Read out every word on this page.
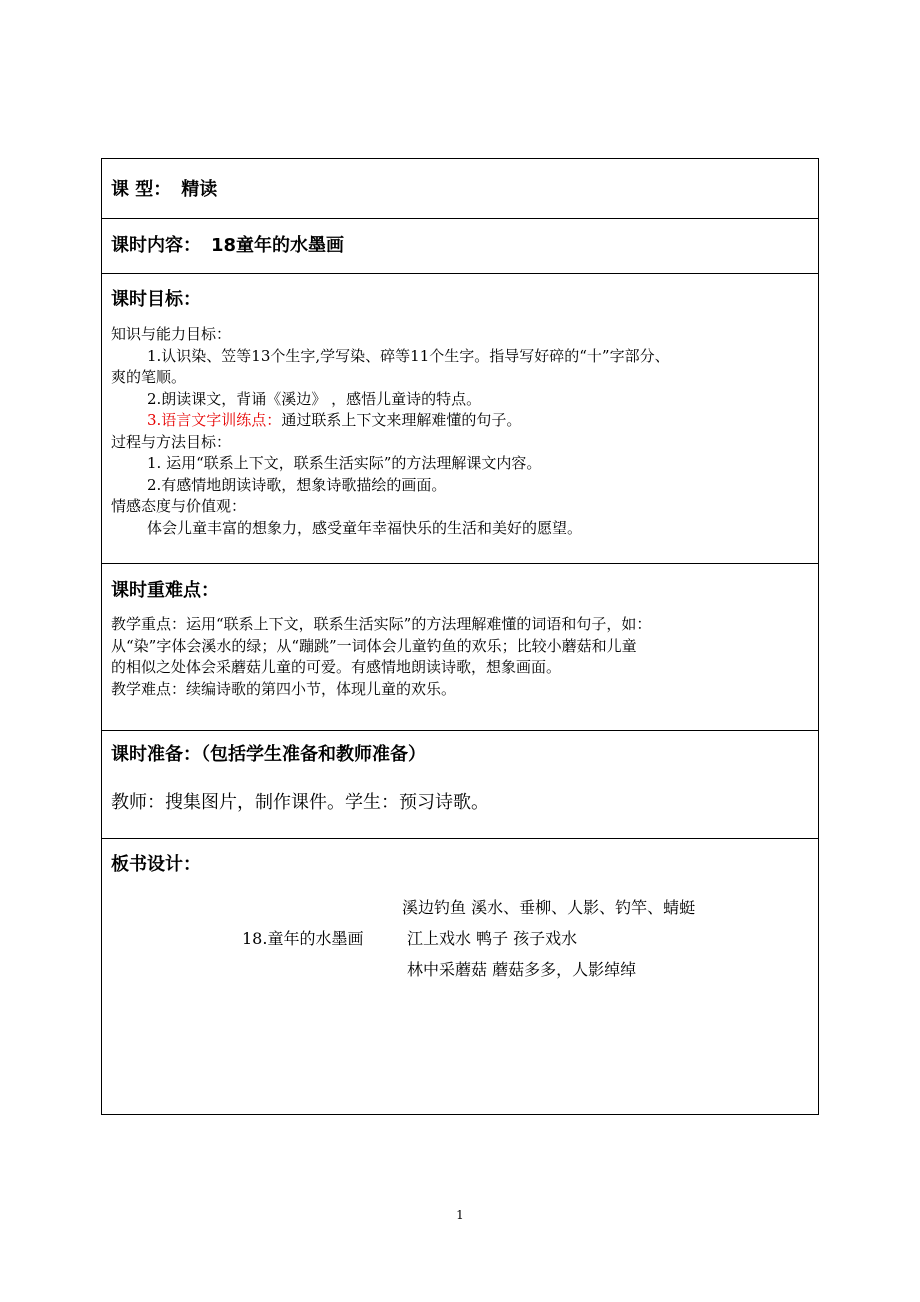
课 型： 精读
课时内容： 18童年的水墨画
课时目标：
知识与能力目标：
1.认识染、笠等13个生字,学写染、碎等11个生字。指导写好碎的“十”字部分、
爽的笔顺。
2.朗读课文，背诵《溪边》 ，感悟儿童诗的特点。
3.语言文字训练点：通过联系上下文来理解难懂的句子。
过程与方法目标：
1. 运用“联系上下文，联系生活实际”的方法理解课文内容。
2.有感情地朗读诗歌，想象诗歌描绘的画面。
情感态度与价值观：
体会儿童丰富的想象力，感受童年幸福快乐的生活和美好的愿望。
课时重难点：
教学重点：运用“联系上下文，联系生活实际”的方法理解难懂的词语和句子，如：
从“染”字体会溪水的绿；从“蹦跳”一词体会儿童钓鱼的欢乐；比较小蘑菇和儿童
的相似之处体会采蘑菇儿童的可爱。有感情地朗读诗歌，想象画面。
教学难点：续编诗歌的第四小节，体现儿童的欢乐。
课时准备：（包括学生准备和教师准备）
教师：搜集图片，制作课件。学生：预习诗歌。
板书设计：
溪边钓鱼 溪水、垂柳、人影、钓竿、蜻蜓
18.童年的水墨画	江上戏水 鸭子 孩子戏水
林中采蘑菇 蘑菇多多，人影绰绰
1
